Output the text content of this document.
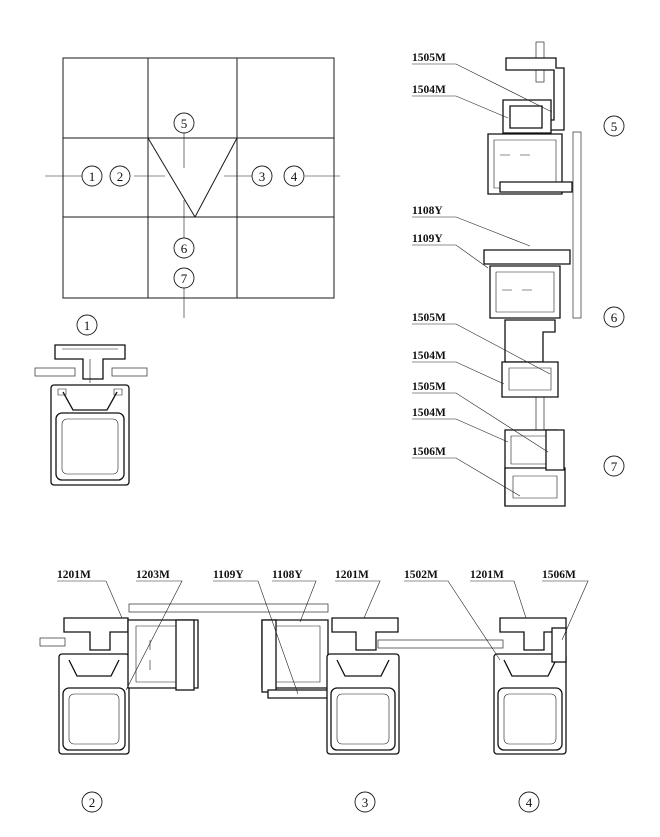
1 2	3 4
5
6
7
1
1505M
1504M
1108Y
1109Y
1505M
1504M
1505M
1504M
1506M
5
6
7
1201M	1203M	1109Y 1108Y	1201M	1502M	1201M	1506M
2	3	4
